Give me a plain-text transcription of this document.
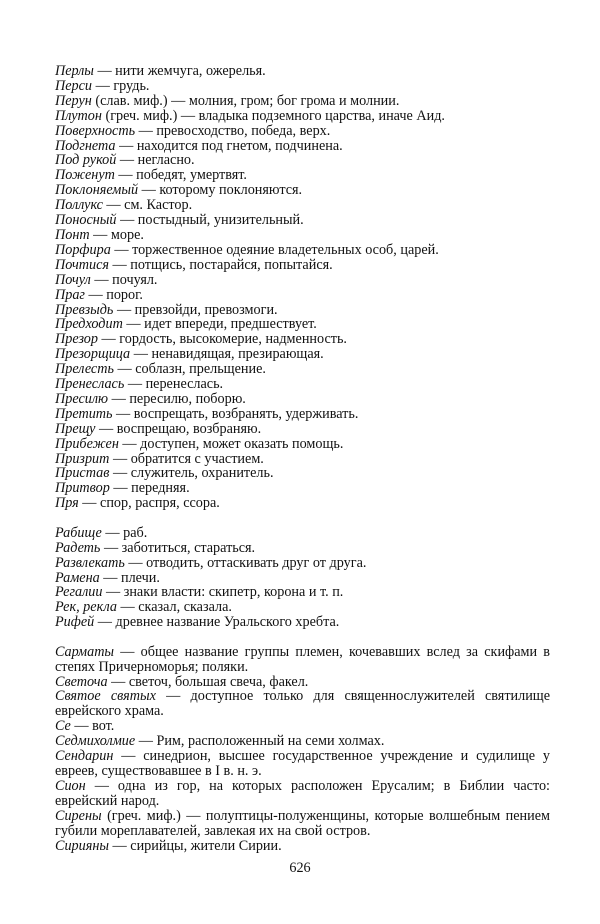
Перлы — нити жемчуга, ожерелья.
Перси — грудь.
Перун (слав. миф.) — молния, гром; бог грома и молнии.
Плутон (греч. миф.) — владыка подземного царства, иначе Аид.
Поверхность — превосходство, победа, верх.
Подгнета — находится под гнетом, подчинена.
Под рукой — негласно.
Поженут — победят, умертвят.
Поклоняемый — которому поклоняются.
Поллукс — см. Кастор.
Поносный — постыдный, унизительный.
Понт — море.
Порфира — торжественное одеяние владетельных особ, царей.
Почтися — потщись, постарайся, попытайся.
Почул — почуял.
Праг — порог.
Превзыдь — превзойди, превозмоги.
Предходит — идет впереди, предшествует.
Презор — гордость, высокомерие, надменность.
Презорщица — ненавидящая, презирающая.
Прелесть — соблазн, прельщение.
Пренеслась — перенеслась.
Пресилю — пересилю, поборю.
Претить — воспрещать, возбранять, удерживать.
Прещу — воспрещаю, возбраняю.
Прибежен — доступен, может оказать помощь.
Призрит — обратится с участием.
Пристав — служитель, охранитель.
Притвор — передняя.
Пря — спор, распря, ссора.
Рабище — раб.
Радеть — заботиться, стараться.
Развлекать — отводить, оттаскивать друг от друга.
Рамена — плечи.
Регалии — знаки власти: скипетр, корона и т. п.
Рек, рекла — сказал, сказала.
Рифей — древнее название Уральского хребта.
Сарматы — общее название группы племен, кочевавших вслед за скифами в степях Причерноморья; поляки.
Светоча — светоч, большая свеча, факел.
Святое святых — доступное только для священнослужителей святилище еврейского храма.
Се — вот.
Седмихолмие — Рим, расположенный на семи холмах.
Сендарин — синедрион, высшее государственное учреждение и судилище у евреев, существовавшее в I в. н. э.
Сион — одна из гор, на которых расположен Ерусалим; в Библии часто: еврейский народ.
Сирены (греч. миф.) — полуптицы-полуженщины, которые волшебным пением губили мореплавателей, завлекая их на свой остров.
Сирияны — сирийцы, жители Сирии.
626
